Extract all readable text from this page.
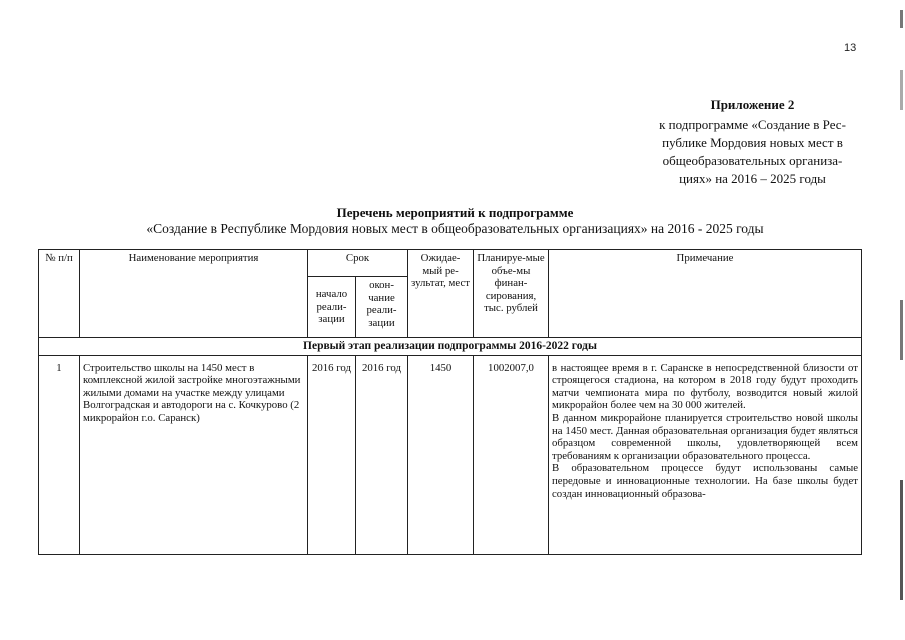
13
Приложение 2
к подпрограмме «Создание в Рес-
публике Мордовия новых мест в
общеобразовательных организа-
циях» на 2016 – 2025 годы
Перечень мероприятий к подпрограмме
«Создание в Республике Мордовия новых мест в общеобразовательных организациях» на 2016 - 2025 годы
№ п/п	Наименование мероприятия	Срок		Ожидае-мый ре-зультат, мест	Планируе-мые объе-мы финан-сирования, тыс. рублей	Примечание
		начало реали-зации	окон-чание реали-зации			
Первый этап реализации подпрограммы 2016-2022 годы						
1	Строительство школы на 1450 мест в комплексной жилой застройке многоэтажными жилыми домами на участке между улицами Волгоградская и автодороги на с. Кочкурово (2 микрорайон г.о. Саранск)	2016 год	2016 год	1450	1002007,0	в настоящее время в г. Саранске в непосредственной близости от строящегося стадиона, на котором в 2018 году будут проходить матчи чемпионата мира по футболу, возводится новый жилой микрорайон более чем на 30 000 жителей.

В данном микрорайоне планируется строительство новой школы на 1450 мест. Данная образовательная организация будет являться образцом современной школы, удовлетворяющей всем требованиям к организации образовательного процесса.

В образовательном процессе будут использованы самые передовые и инновационные технологии. На базе школы будет создан инновационный образова-
